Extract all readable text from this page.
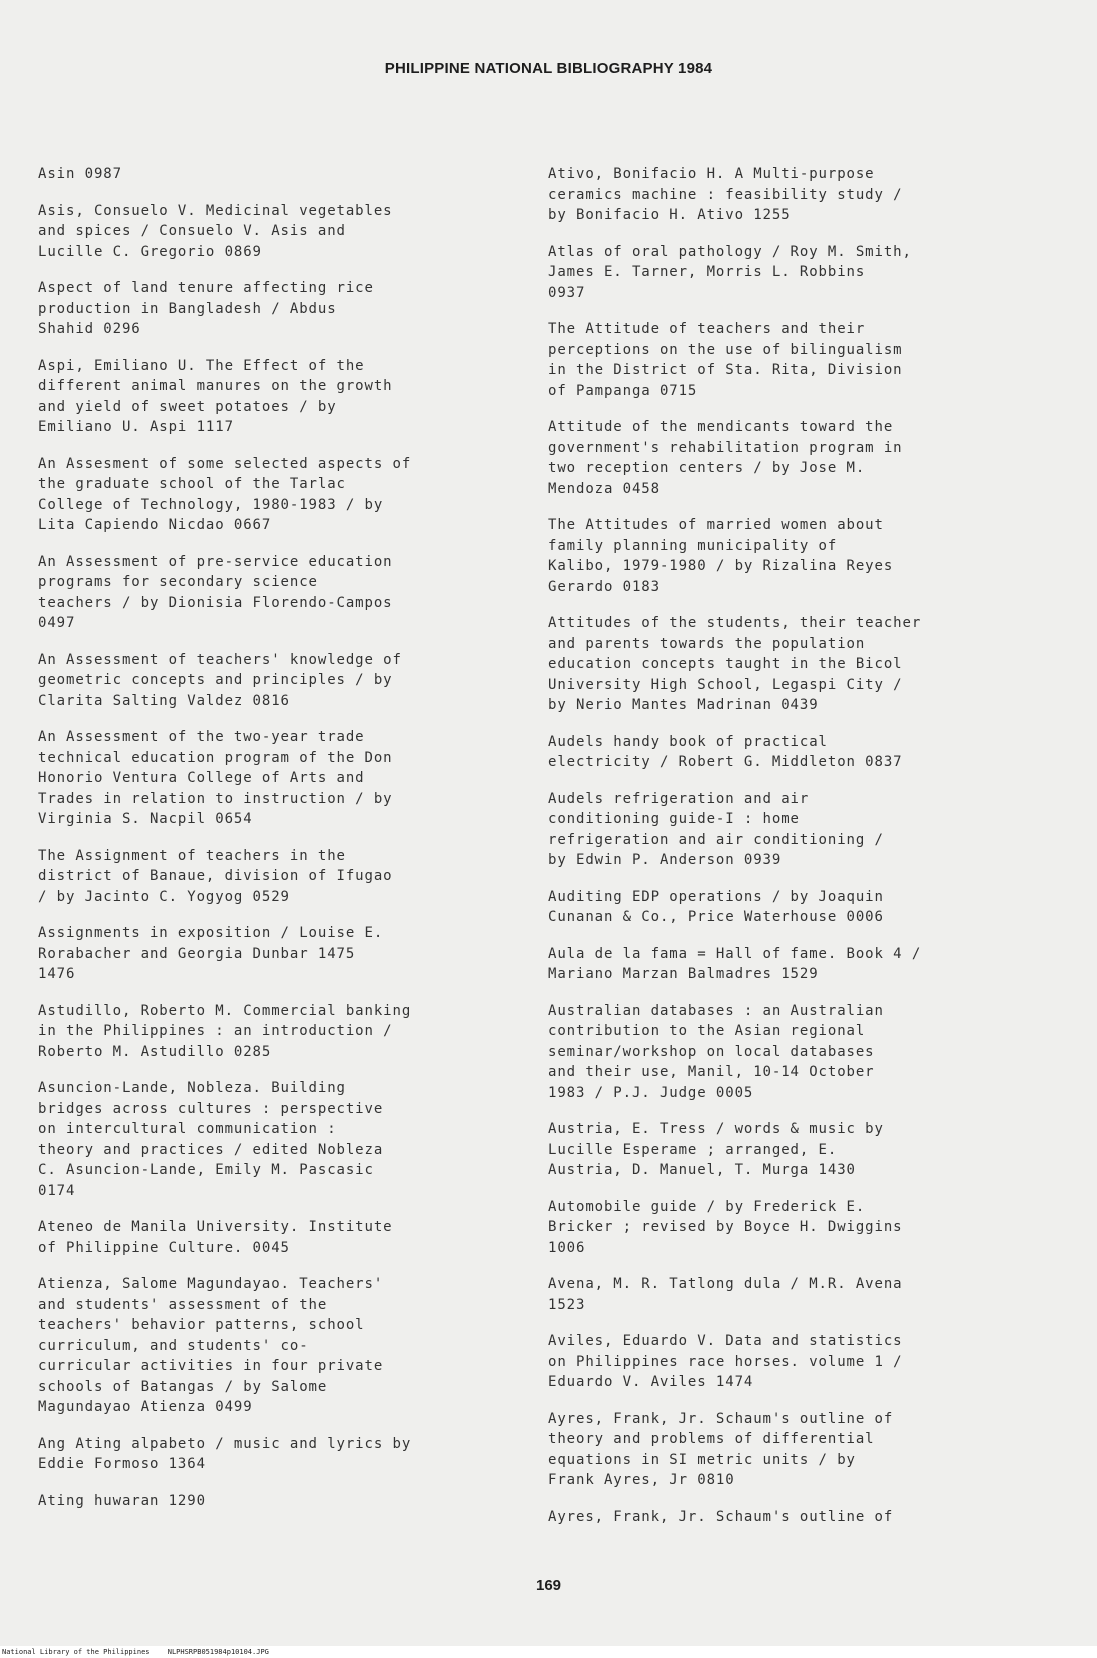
PHILIPPINE NATIONAL BIBLIOGRAPHY 1984
Asin 0987
Asis, Consuelo V. Medicinal vegetables
and spices / Consuelo V. Asis and
Lucille C. Gregorio 0869
Aspect of land tenure affecting rice
production in Bangladesh / Abdus
Shahid 0296
Aspi, Emiliano U. The Effect of the
different animal manures on the growth
and yield of sweet potatoes / by
Emiliano U. Aspi 1117
An Assesment of some selected aspects of
the graduate school of the Tarlac
College of Technology, 1980-1983 / by
Lita Capiendo Nicdao 0667
An Assessment of pre-service education
programs for secondary science
teachers / by Dionisia Florendo-Campos
0497
An Assessment of teachers' knowledge of
geometric concepts and principles / by
Clarita Salting Valdez 0816
An Assessment of the two-year trade
technical education program of the Don
Honorio Ventura College of Arts and
Trades in relation to instruction / by
Virginia S. Nacpil 0654
The Assignment of teachers in the
district of Banaue, division of Ifugao
/ by Jacinto C. Yogyog 0529
Assignments in exposition / Louise E.
Rorabacher and Georgia Dunbar 1475
1476
Astudillo, Roberto M. Commercial banking
in the Philippines : an introduction /
Roberto M. Astudillo 0285
Asuncion-Lande, Nobleza. Building
bridges across cultures : perspective
on intercultural communication :
theory and practices / edited Nobleza
C. Asuncion-Lande, Emily M. Pascasic
0174
Ateneo de Manila University. Institute
of Philippine Culture. 0045
Atienza, Salome Magundayao. Teachers'
and students' assessment of the
teachers' behavior patterns, school
curriculum, and students' co-
curricular activities in four private
schools of Batangas / by Salome
Magundayao Atienza 0499
Ang Ating alpabeto / music and lyrics by
Eddie Formoso 1364
Ating huwaran 1290
Ativo, Bonifacio H. A Multi-purpose
ceramics machine : feasibility study /
by Bonifacio H. Ativo 1255
Atlas of oral pathology / Roy M. Smith,
James E. Tarner, Morris L. Robbins
0937
The Attitude of teachers and their
perceptions on the use of bilingualism
in the District of Sta. Rita, Division
of Pampanga 0715
Attitude of the mendicants toward the
government's rehabilitation program in
two reception centers / by Jose M.
Mendoza 0458
The Attitudes of married women about
family planning municipality of
Kalibo, 1979-1980 / by Rizalina Reyes
Gerardo 0183
Attitudes of the students, their teacher
and parents towards the population
education concepts taught in the Bicol
University High School, Legaspi City /
by Nerio Mantes Madrinan 0439
Audels handy book of practical
electricity / Robert G. Middleton 0837
Audels refrigeration and air
conditioning guide-I : home
refrigeration and air conditioning /
by Edwin P. Anderson 0939
Auditing EDP operations / by Joaquin
Cunanan & Co., Price Waterhouse 0006
Aula de la fama = Hall of fame. Book 4 /
Mariano Marzan Balmadres 1529
Australian databases : an Australian
contribution to the Asian regional
seminar/workshop on local databases
and their use, Manil, 10-14 October
1983 / P.J. Judge 0005
Austria, E. Tress / words & music by
Lucille Esperame ; arranged, E.
Austria, D. Manuel, T. Murga 1430
Automobile guide / by Frederick E.
Bricker ; revised by Boyce H. Dwiggins
1006
Avena, M. R. Tatlong dula / M.R. Avena
1523
Aviles, Eduardo V. Data and statistics
on Philippines race horses. volume 1 /
Eduardo V. Aviles 1474
Ayres, Frank, Jr. Schaum's outline of
theory and problems of differential
equations in SI metric units / by
Frank Ayres, Jr 0810
Ayres, Frank, Jr. Schaum's outline of
169
National Library of the Philippines	NLPHSRPB051984p10104.JPG
